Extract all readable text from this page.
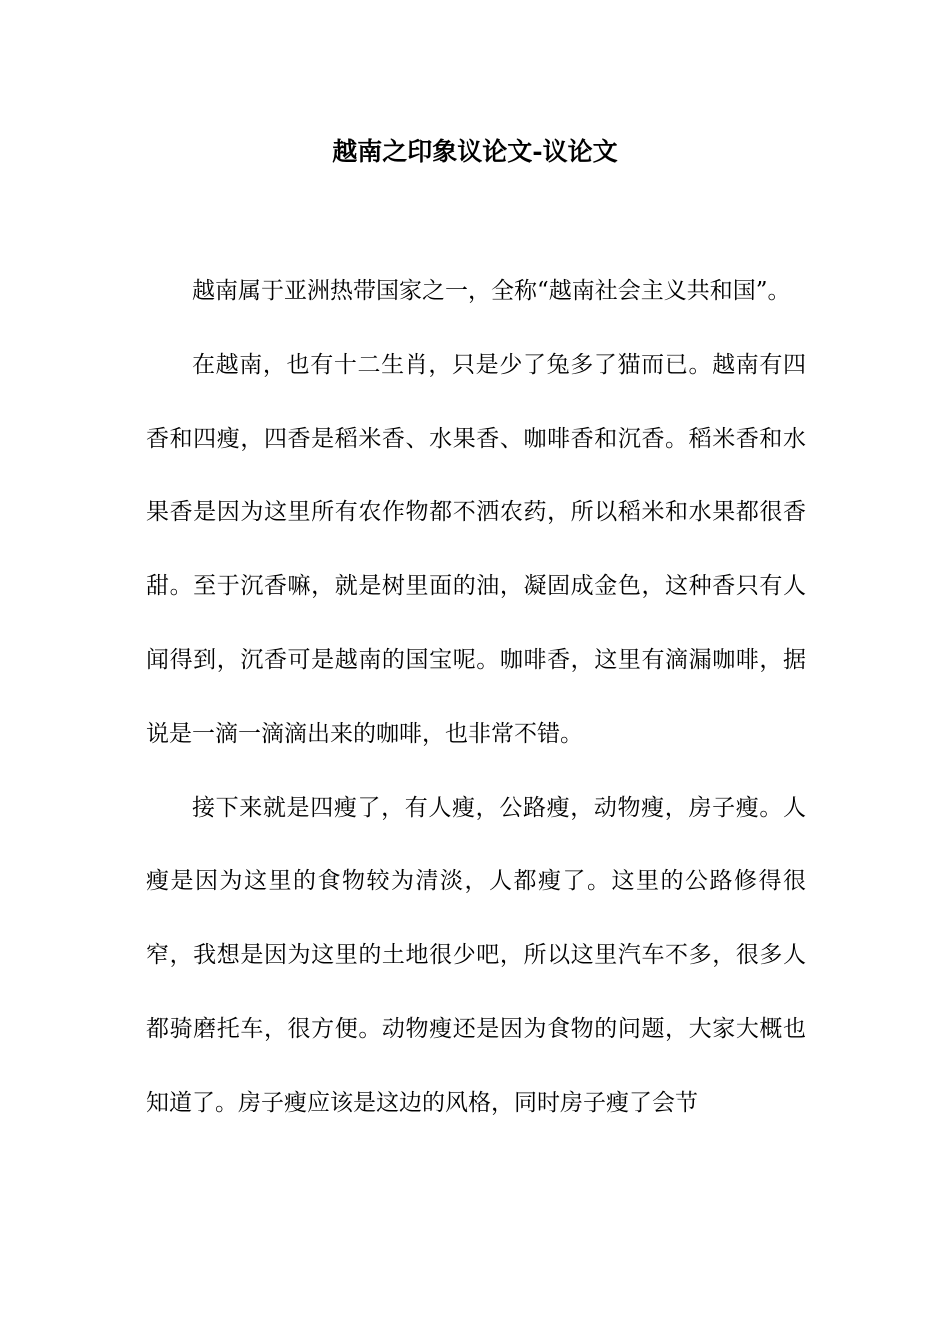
越南之印象议论文-议论文

越南属于亚洲热带国家之一，全称“越南社会主义共和国”。

在越南，也有十二生肖，只是少了兔多了猫而已。越南有四香和四瘦，四香是稻米香、水果香、咖啡香和沉香。稻米香和水果香是因为这里所有农作物都不洒农药，所以稻米和水果都很香甜。至于沉香嘛，就是树里面的油，凝固成金色，这种香只有人闻得到，沉香可是越南的国宝呢。咖啡香，这里有滴漏咖啡，据说是一滴一滴滴出来的咖啡，也非常不错。

接下来就是四瘦了，有人瘦，公路瘦，动物瘦，房子瘦。人瘦是因为这里的食物较为清淡，人都瘦了。这里的公路修得很窄，我想是因为这里的土地很少吧，所以这里汽车不多，很多人都骑磨托车，很方便。动物瘦还是因为食物的问题，大家大概也知道了。房子瘦应该是这边的风格，同时房子瘦了会节
